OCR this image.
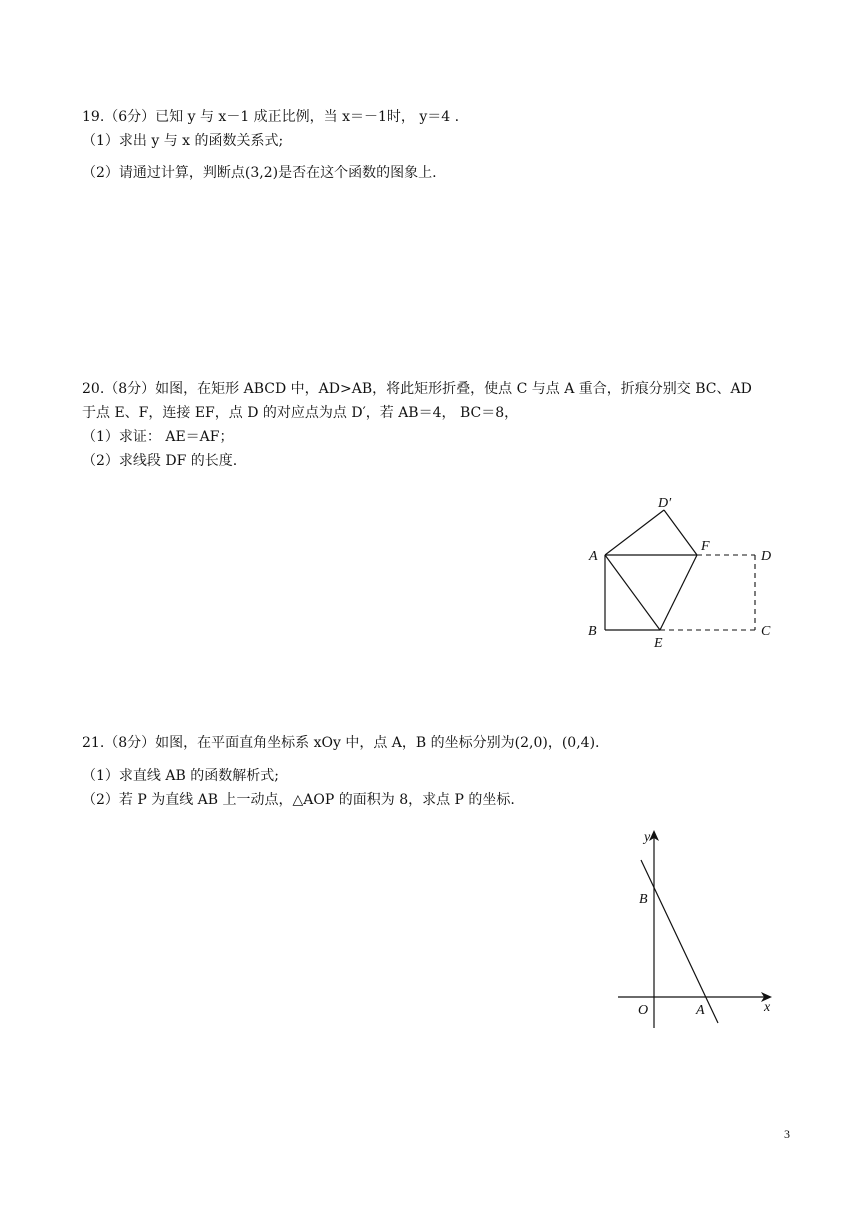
19.（6分）已知 y 与 x－1 成正比例，当 x＝－1时， y＝4 .
（1）求出 y 与 x 的函数关系式;
（2）请通过计算，判断点(3,2)是否在这个函数的图象上.
20.（8分）如图，在矩形 ABCD 中，AD>AB，将此矩形折叠，使点 C 与点 A 重合，折痕分别交 BC、AD
于点 E、F，连接 EF，点 D 的对应点为点 D′，若 AB＝4， BC＝8，
（1）求证： AE＝AF；
（2）求线段 DF 的长度.
D′
A
F
D
B
E
C
21.（8分）如图，在平面直角坐标系 xOy 中，点 A，B 的坐标分别为(2,0)，(0,4).
（1）求直线 AB 的函数解析式;
（2）若 P 为直线 AB 上一动点，△AOP 的面积为 8，求点 P 的坐标.
y
x
B
O	A
3
